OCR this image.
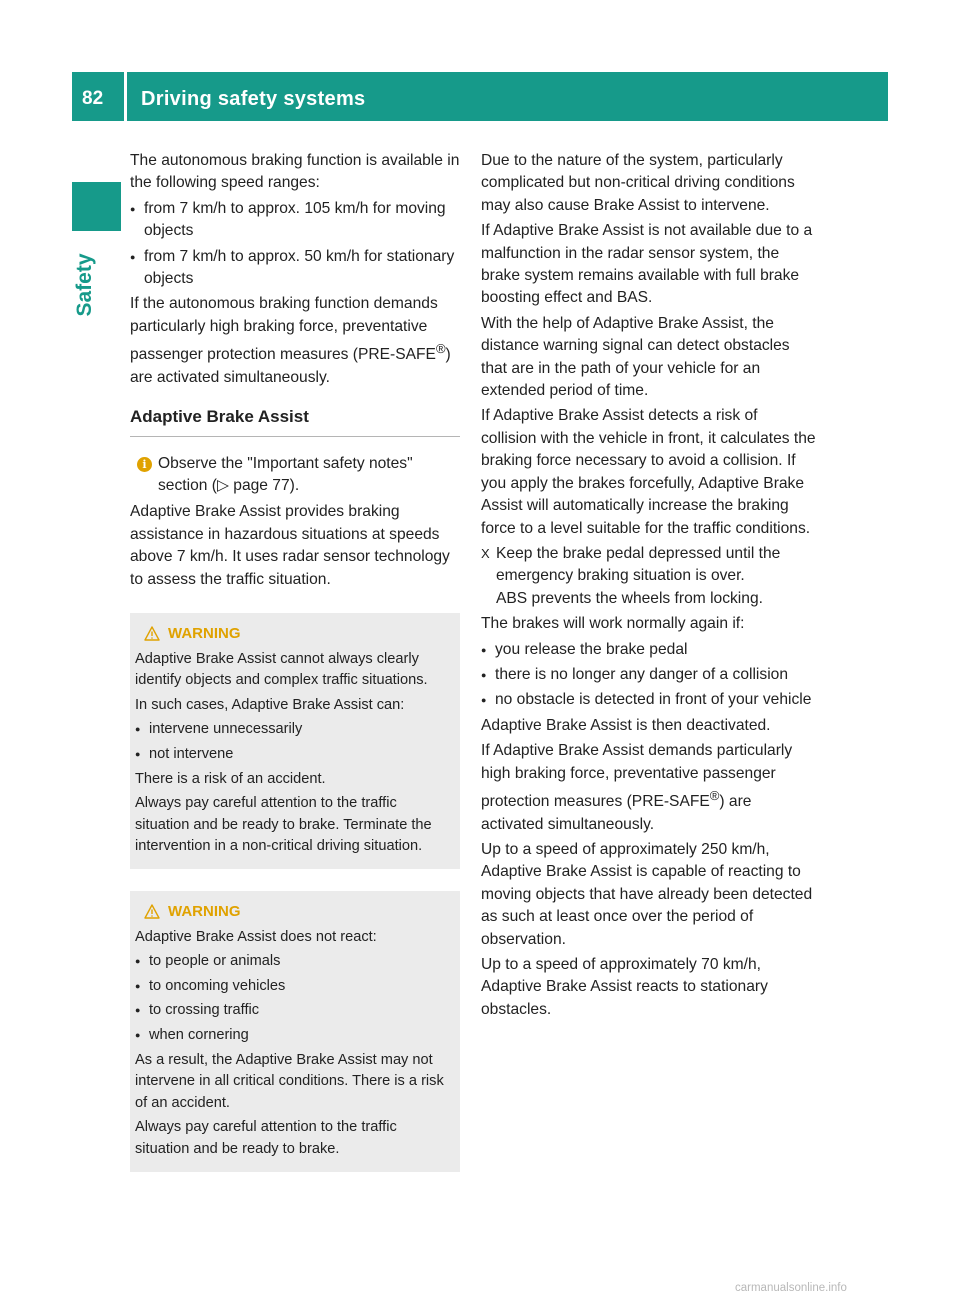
82 Driving safety systems
Safety

The autonomous braking function is available in the following speed ranges:

● from 7 km/h to approx. 105 km/h for moving objects
● from 7 km/h to approx. 50 km/h for stationary objects

If the autonomous braking function demands particularly high braking force, preventative passenger protection measures (PRE-SAFE®) are activated simultaneously.

Adaptive Brake Assist
i Observe the "Important safety notes" section (▷ page 77).

Adaptive Brake Assist provides braking assistance in hazardous situations at speeds above 7 km/h. It uses radar sensor technology to assess the traffic situation.

WARNING

Adaptive Brake Assist cannot always clearly identify objects and complex traffic situations.

In such cases, Adaptive Brake Assist can:

● intervene unnecessarily
● not intervene

There is a risk of an accident.

Always pay careful attention to the traffic situation and be ready to brake. Terminate the intervention in a non-critical driving situation.

WARNING

Adaptive Brake Assist does not react:

● to people or animals
● to oncoming vehicles
● to crossing traffic
● when cornering

As a result, the Adaptive Brake Assist may not intervene in all critical conditions. There is a risk of an accident.

Always pay careful attention to the traffic situation and be ready to brake.

Due to the nature of the system, particularly complicated but non-critical driving conditions may also cause Brake Assist to intervene.

If Adaptive Brake Assist is not available due to a malfunction in the radar sensor system, the brake system remains available with full brake boosting effect and BAS.

With the help of Adaptive Brake Assist, the distance warning signal can detect obstacles that are in the path of your vehicle for an extended period of time.

If Adaptive Brake Assist detects a risk of collision with the vehicle in front, it calculates the braking force necessary to avoid a collision. If you apply the brakes forcefully, Adaptive Brake Assist will automatically increase the braking force to a level suitable for the traffic conditions.

X Keep the brake pedal depressed until the emergency braking situation is over.
ABS prevents the wheels from locking.

The brakes will work normally again if:

● you release the brake pedal
● there is no longer any danger of a collision
● no obstacle is detected in front of your vehicle

Adaptive Brake Assist is then deactivated.

If Adaptive Brake Assist demands particularly high braking force, preventative passenger protection measures (PRE-SAFE®) are activated simultaneously.

Up to a speed of approximately 250 km/h, Adaptive Brake Assist is capable of reacting to moving objects that have already been detected as such at least once over the period of observation.

Up to a speed of approximately 70 km/h, Adaptive Brake Assist reacts to stationary obstacles.

carmanualsonline.info
